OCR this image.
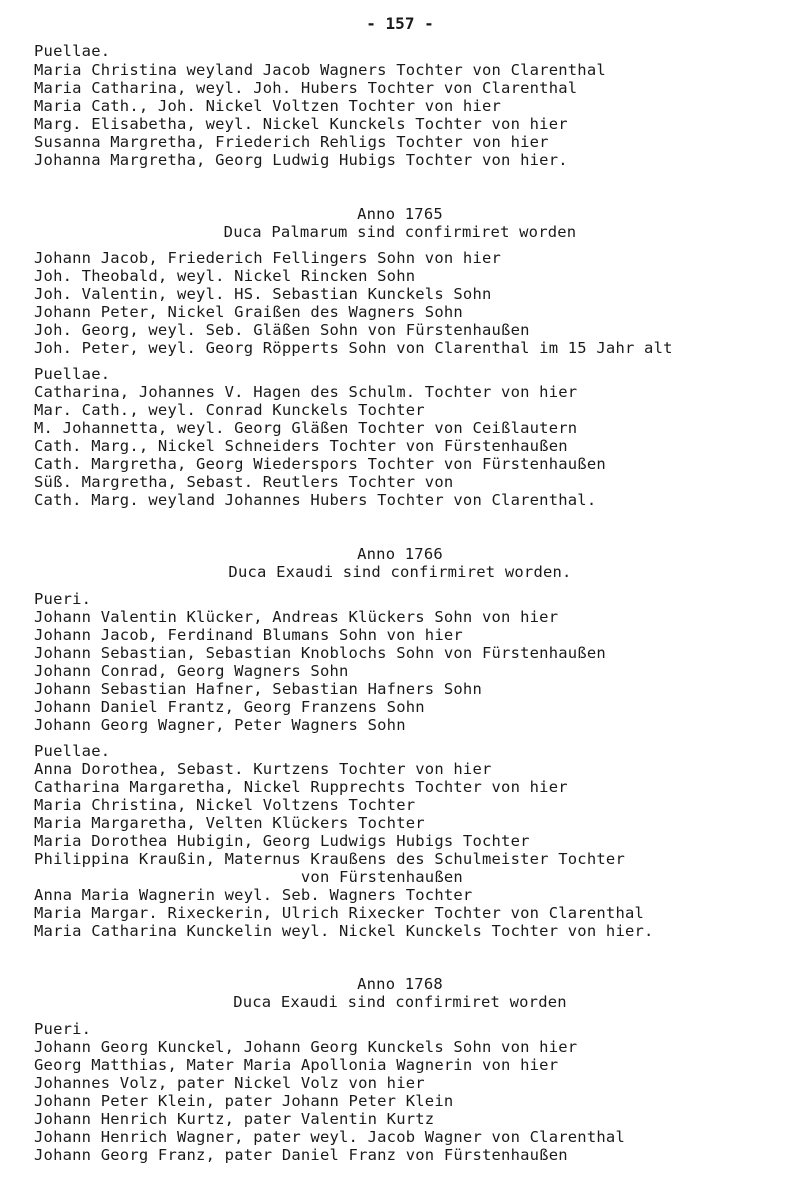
- 157 -
Puellae.
Maria Christina weyland Jacob Wagners Tochter von Clarenthal
Maria Catharina, weyl. Joh. Hubers Tochter von Clarenthal
Maria Cath., Joh. Nickel Voltzen Tochter von hier
Marg. Elisabetha, weyl. Nickel Kunckels Tochter von hier
Susanna Margretha, Friederich Rehligs Tochter von hier
Johanna Margretha, Georg Ludwig Hubigs Tochter von hier.
Anno 1765
Duca Palmarum sind confirmiret worden
Johann Jacob, Friederich Fellingers Sohn von hier
Joh. Theobald, weyl. Nickel Rincken Sohn
Joh. Valentin, weyl. HS. Sebastian Kunckels Sohn
Johann Peter, Nickel Graißen des Wagners Sohn
Joh. Georg, weyl. Seb. Gläßen Sohn von Fürstenhaußen
Joh. Peter, weyl. Georg Röpperts Sohn von Clarenthal im 15 Jahr alt
Puellae.
Catharina, Johannes V. Hagen des Schulm. Tochter von hier
Mar. Cath., weyl. Conrad Kunckels Tochter
M. Johannetta, weyl. Georg Gläßen Tochter von Ceißlautern
Cath. Marg., Nickel Schneiders Tochter von Fürstenhaußen
Cath. Margretha, Georg Wiederspors Tochter von Fürstenhaußen
Süß. Margretha, Sebast. Reutlers Tochter von
Cath. Marg. weyland Johannes Hubers Tochter von Clarenthal.
Anno 1766
Duca Exaudi sind confirmiret worden.
Pueri.
Johann Valentin Klücker, Andreas Klückers Sohn von hier
Johann Jacob, Ferdinand Blumans Sohn von hier
Johann Sebastian, Sebastian Knoblochs Sohn von Fürstenhaußen
Johann Conrad, Georg Wagners Sohn
Johann Sebastian Hafner, Sebastian Hafners Sohn
Johann Daniel Frantz, Georg Franzens Sohn
Johann Georg Wagner, Peter Wagners Sohn
Puellae.
Anna Dorothea, Sebast. Kurtzens Tochter von hier
Catharina Margaretha, Nickel Rupprechts Tochter von hier
Maria Christina, Nickel Voltzens Tochter
Maria Margaretha, Velten Klückers Tochter
Maria Dorothea Hubigin, Georg Ludwigs Hubigs Tochter
Philippina Kraußin, Maternus Kraußens des Schulmeister Tochter
von Fürstenhaußen
Anna Maria Wagnerin weyl. Seb. Wagners Tochter
Maria Margar. Rixeckerin, Ulrich Rixecker Tochter von Clarenthal
Maria Catharina Kunckelin weyl. Nickel Kunckels Tochter von hier.
Anno 1768
Duca Exaudi sind confirmiret worden
Pueri.
Johann Georg Kunckel, Johann Georg Kunckels Sohn von hier
Georg Matthias, Mater Maria Apollonia Wagnerin von hier
Johannes Volz, pater Nickel Volz von hier
Johann Peter Klein, pater Johann Peter Klein
Johann Henrich Kurtz, pater Valentin Kurtz
Johann Henrich Wagner, pater weyl. Jacob Wagner von Clarenthal
Johann Georg Franz, pater Daniel Franz von Fürstenhaußen
